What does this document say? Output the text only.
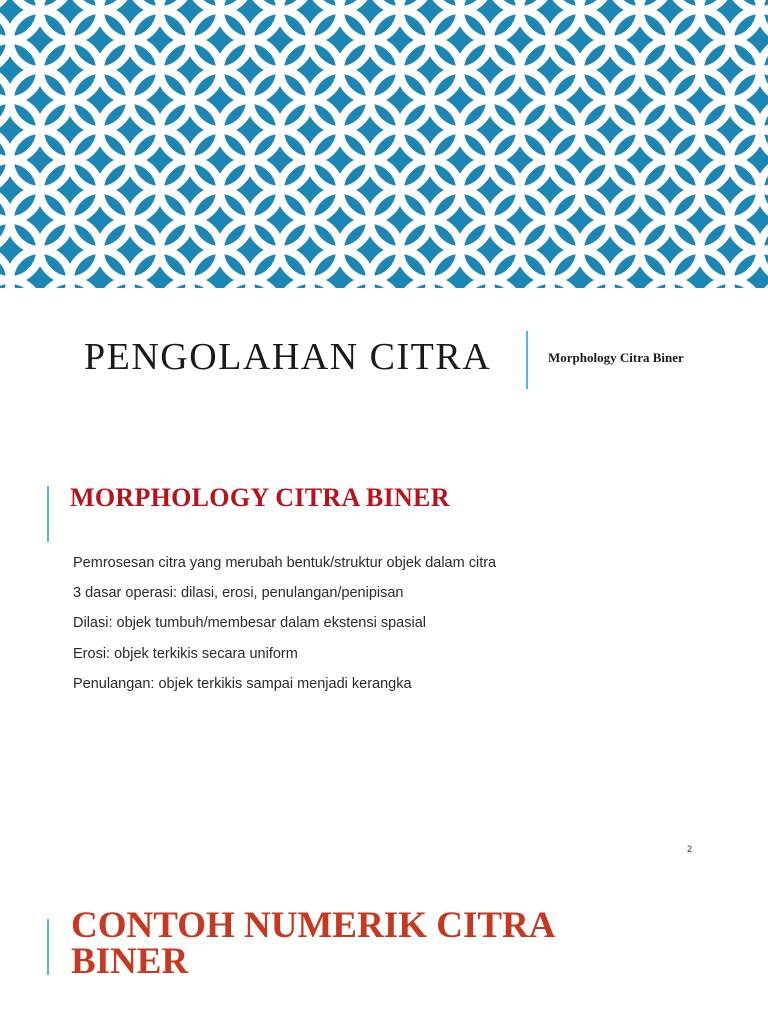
PENGOLAHAN CITRA	Morphology Citra Biner
MORPHOLOGY CITRA BINER
Pemrosesan citra yang merubah bentuk/struktur objek dalam citra
3 dasar operasi: dilasi, erosi, penulangan/penipisan
Dilasi: objek tumbuh/membesar dalam ekstensi spasial
Erosi: objek terkikis secara uniform
Penulangan: objek terkikis sampai menjadi kerangka
2
CONTOH NUMERIK CITRA BINER
